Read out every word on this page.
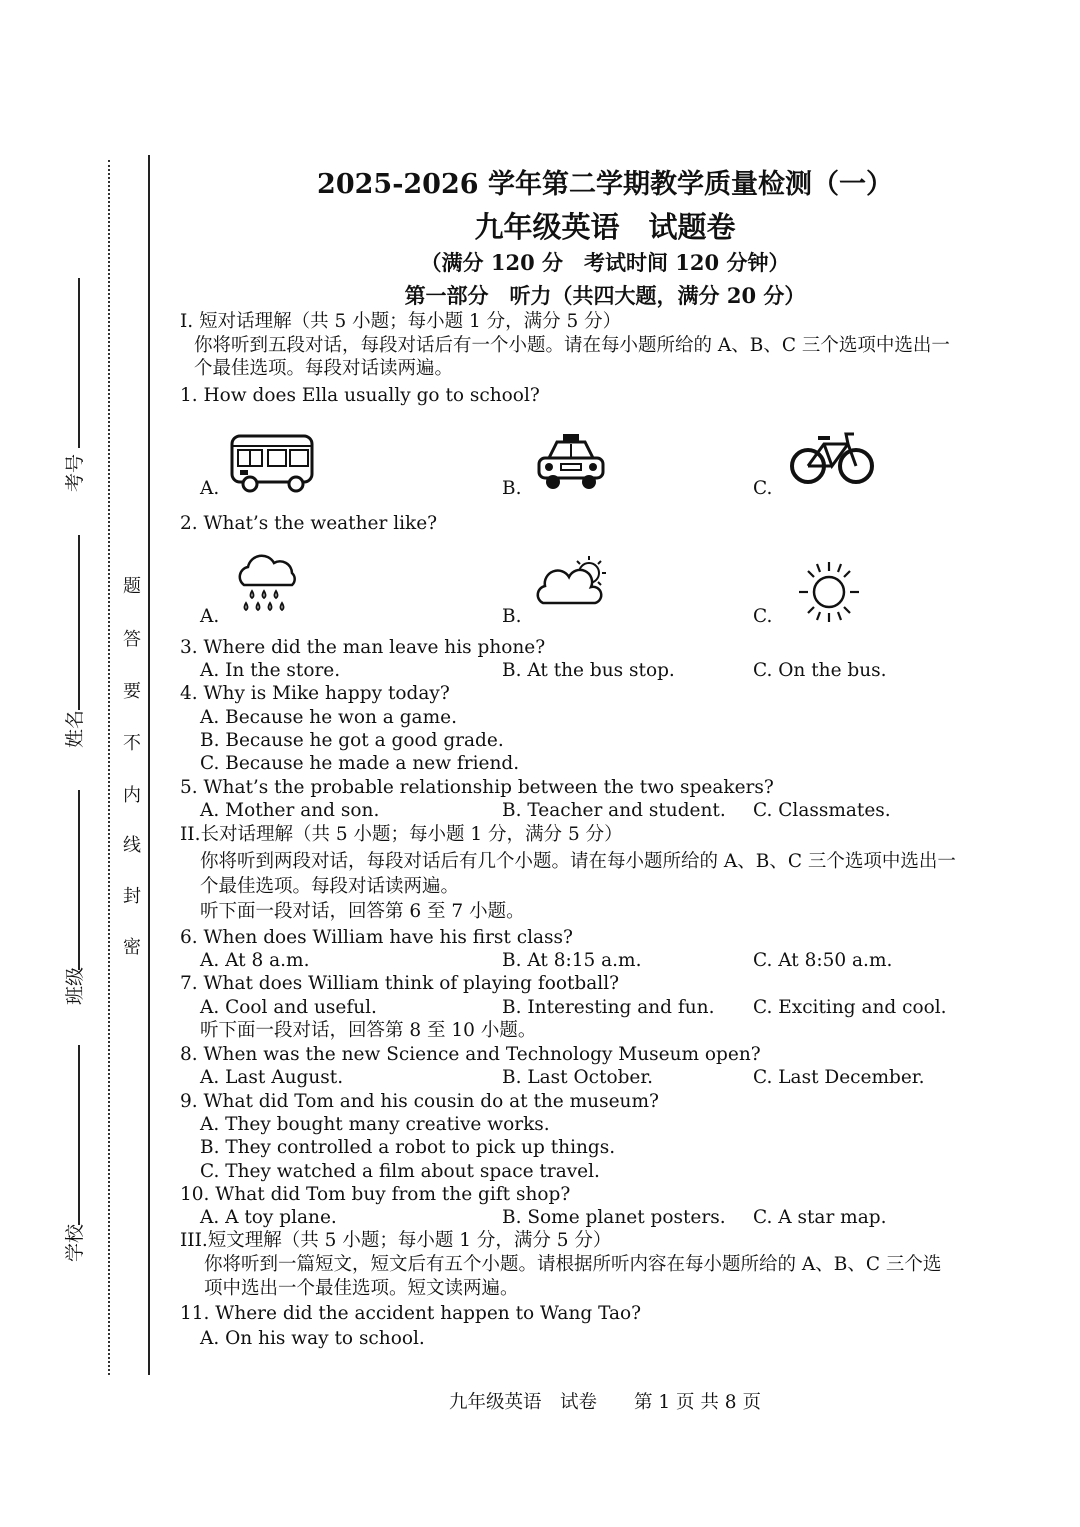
考号
姓名
班级
学校
题
答
要
不
内
线
封
密
2025-2026 学年第二学期教学质量检测（一）
九年级英语　试题卷
（满分 120 分　考试时间 120 分钟）
第一部分　听力（共四大题，满分 20 分）
I. 短对话理解（共 5 小题；每小题 1 分，满分 5 分）
你将听到五段对话，每段对话后有一个小题。请在每小题所给的 A、B、C 三个选项中选出一
个最佳选项。每段对话读两遍。
1. How does Ella usually go to school?
A.	B.	C.
2. What’s the weather like?
A.	B.	C.
3. Where did the man leave his phone?
A. In the store.	B. At the bus stop.	C. On the bus.
4. Why is Mike happy today?
A. Because he won a game.
B. Because he got a good grade.
C. Because he made a new friend.
5. What’s the probable relationship between the two speakers?
A. Mother and son.	B. Teacher and student. C. Classmates.
II.长对话理解（共 5 小题；每小题 1 分，满分 5 分）
你将听到两段对话，每段对话后有几个小题。请在每小题所给的 A、B、C 三个选项中选出一
个最佳选项。每段对话读两遍。
听下面一段对话，回答第 6 至 7 小题。
6. When does William have his first class?
A. At 8 a.m.	B. At 8:15 a.m.	C. At 8:50 a.m.
7. What does William think of playing football?
A. Cool and useful.	B. Interesting and fun. C. Exciting and cool.
听下面一段对话，回答第 8 至 10 小题。
8. When was the new Science and Technology Museum open?
A. Last August.	B. Last October.	C. Last December.
9. What did Tom and his cousin do at the museum?
A. They bought many creative works.
B. They controlled a robot to pick up things.
C. They watched a film about space travel.
10. What did Tom buy from the gift shop?
A. A toy plane.	B. Some planet posters. C. A star map.
III.短文理解（共 5 小题；每小题 1 分，满分 5 分）
你将听到一篇短文，短文后有五个小题。请根据所听内容在每小题所给的 A、B、C 三个选
项中选出一个最佳选项。短文读两遍。
11. Where did the accident happen to Wang Tao?
A. On his way to school.
九年级英语　试卷　　第 1 页 共 8 页
